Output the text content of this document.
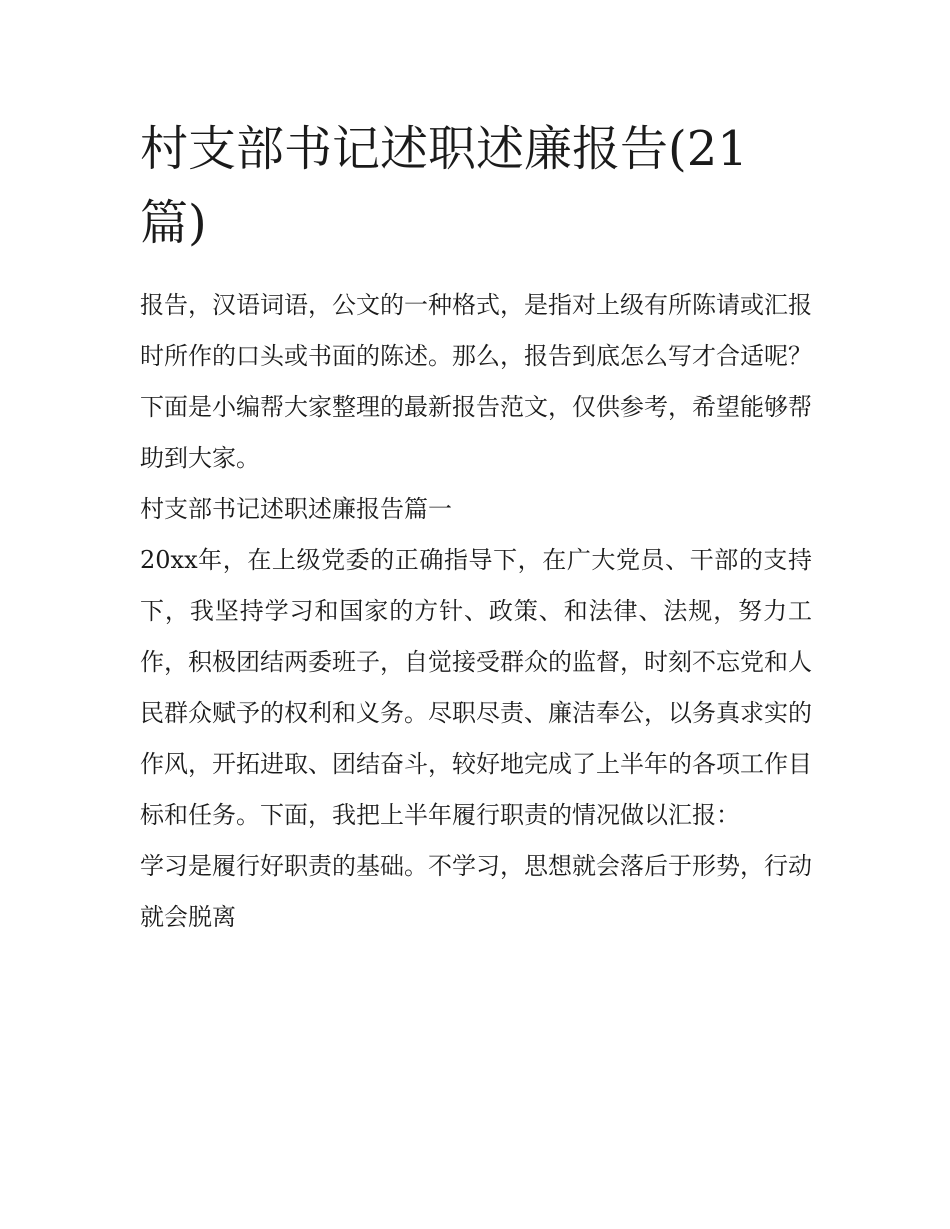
村支部书记述职述廉报告(21篇)

报告，汉语词语，公文的一种格式，是指对上级有所陈请或汇报时所作的口头或书面的陈述。那么，报告到底怎么写才合适呢？下面是小编帮大家整理的最新报告范文，仅供参考，希望能够帮助到大家。

村支部书记述职述廉报告篇一

20xx年，在上级党委的正确指导下，在广大党员、干部的支持下，我坚持学习和国家的方针、政策、和法律、法规，努力工作，积极团结两委班子，自觉接受群众的监督，时刻不忘党和人民群众赋予的权利和义务。尽职尽责、廉洁奉公，以务真求实的作风，开拓进取、团结奋斗，较好地完成了上半年的各项工作目标和任务。下面，我把上半年履行职责的情况做以汇报：

学习是履行好职责的基础。不学习，思想就会落后于形势，行动就会脱离
